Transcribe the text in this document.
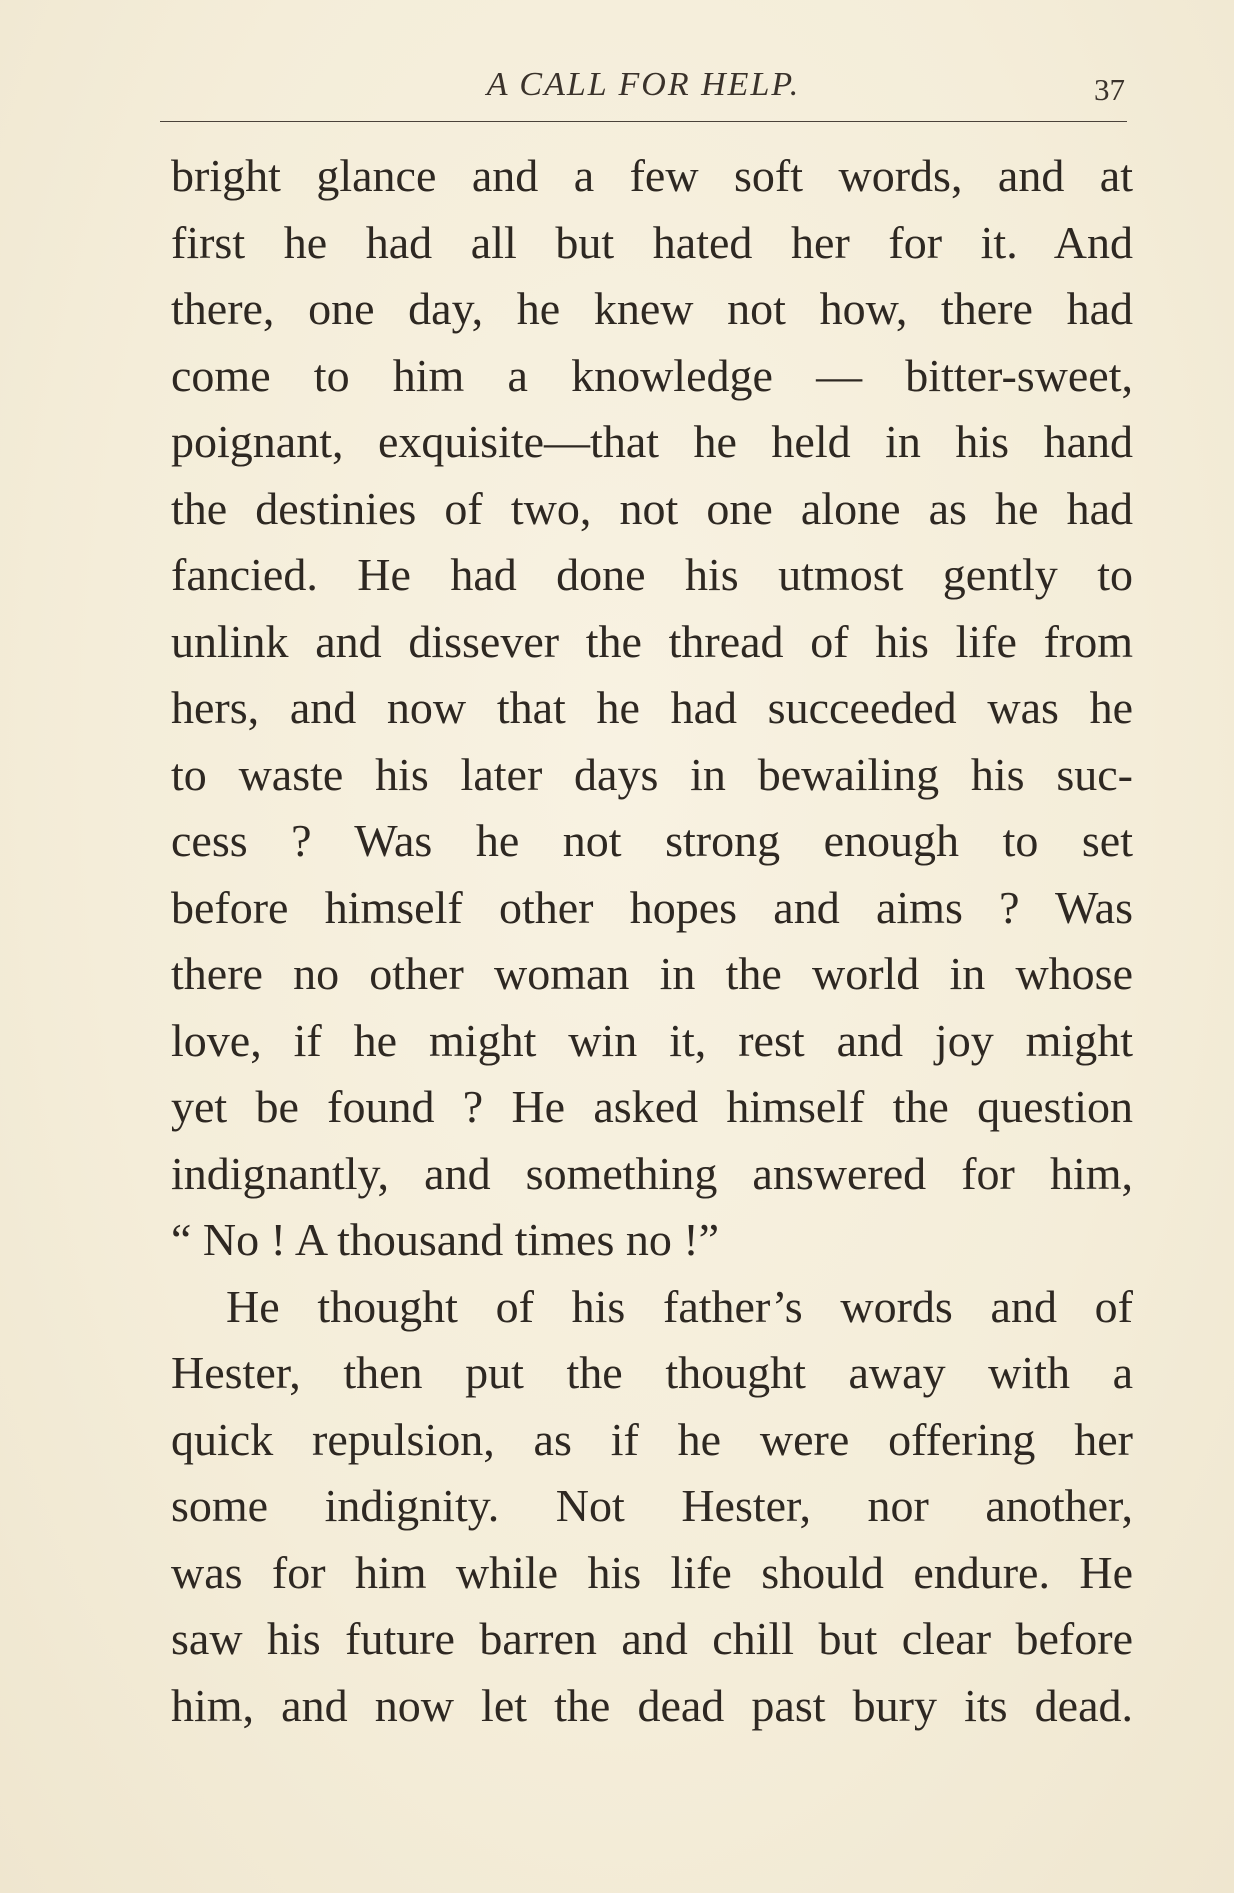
A CALL FOR HELP.	37
bright glance and a few soft words, and at
first he had all but hated her for it. And
there, one day, he knew not how, there had
come to him a knowledge — bitter-sweet,
poignant, exquisite—that he held in his hand
the destinies of two, not one alone as he had
fancied. He had done his utmost gently to
unlink and dissever the thread of his life from
hers, and now that he had succeeded was he
to waste his later days in bewailing his suc-
cess ? Was he not strong enough to set
before himself other hopes and aims ? Was
there no other woman in the world in whose
love, if he might win it, rest and joy might
yet be found ? He asked himself the question
indignantly, and something answered for him,
“ No ! A thousand times no !”
He thought of his father’s words and of
Hester, then put the thought away with a
quick repulsion, as if he were offering her
some indignity. Not Hester, nor another,
was for him while his life should endure. He
saw his future barren and chill but clear before
him, and now let the dead past bury its dead.
